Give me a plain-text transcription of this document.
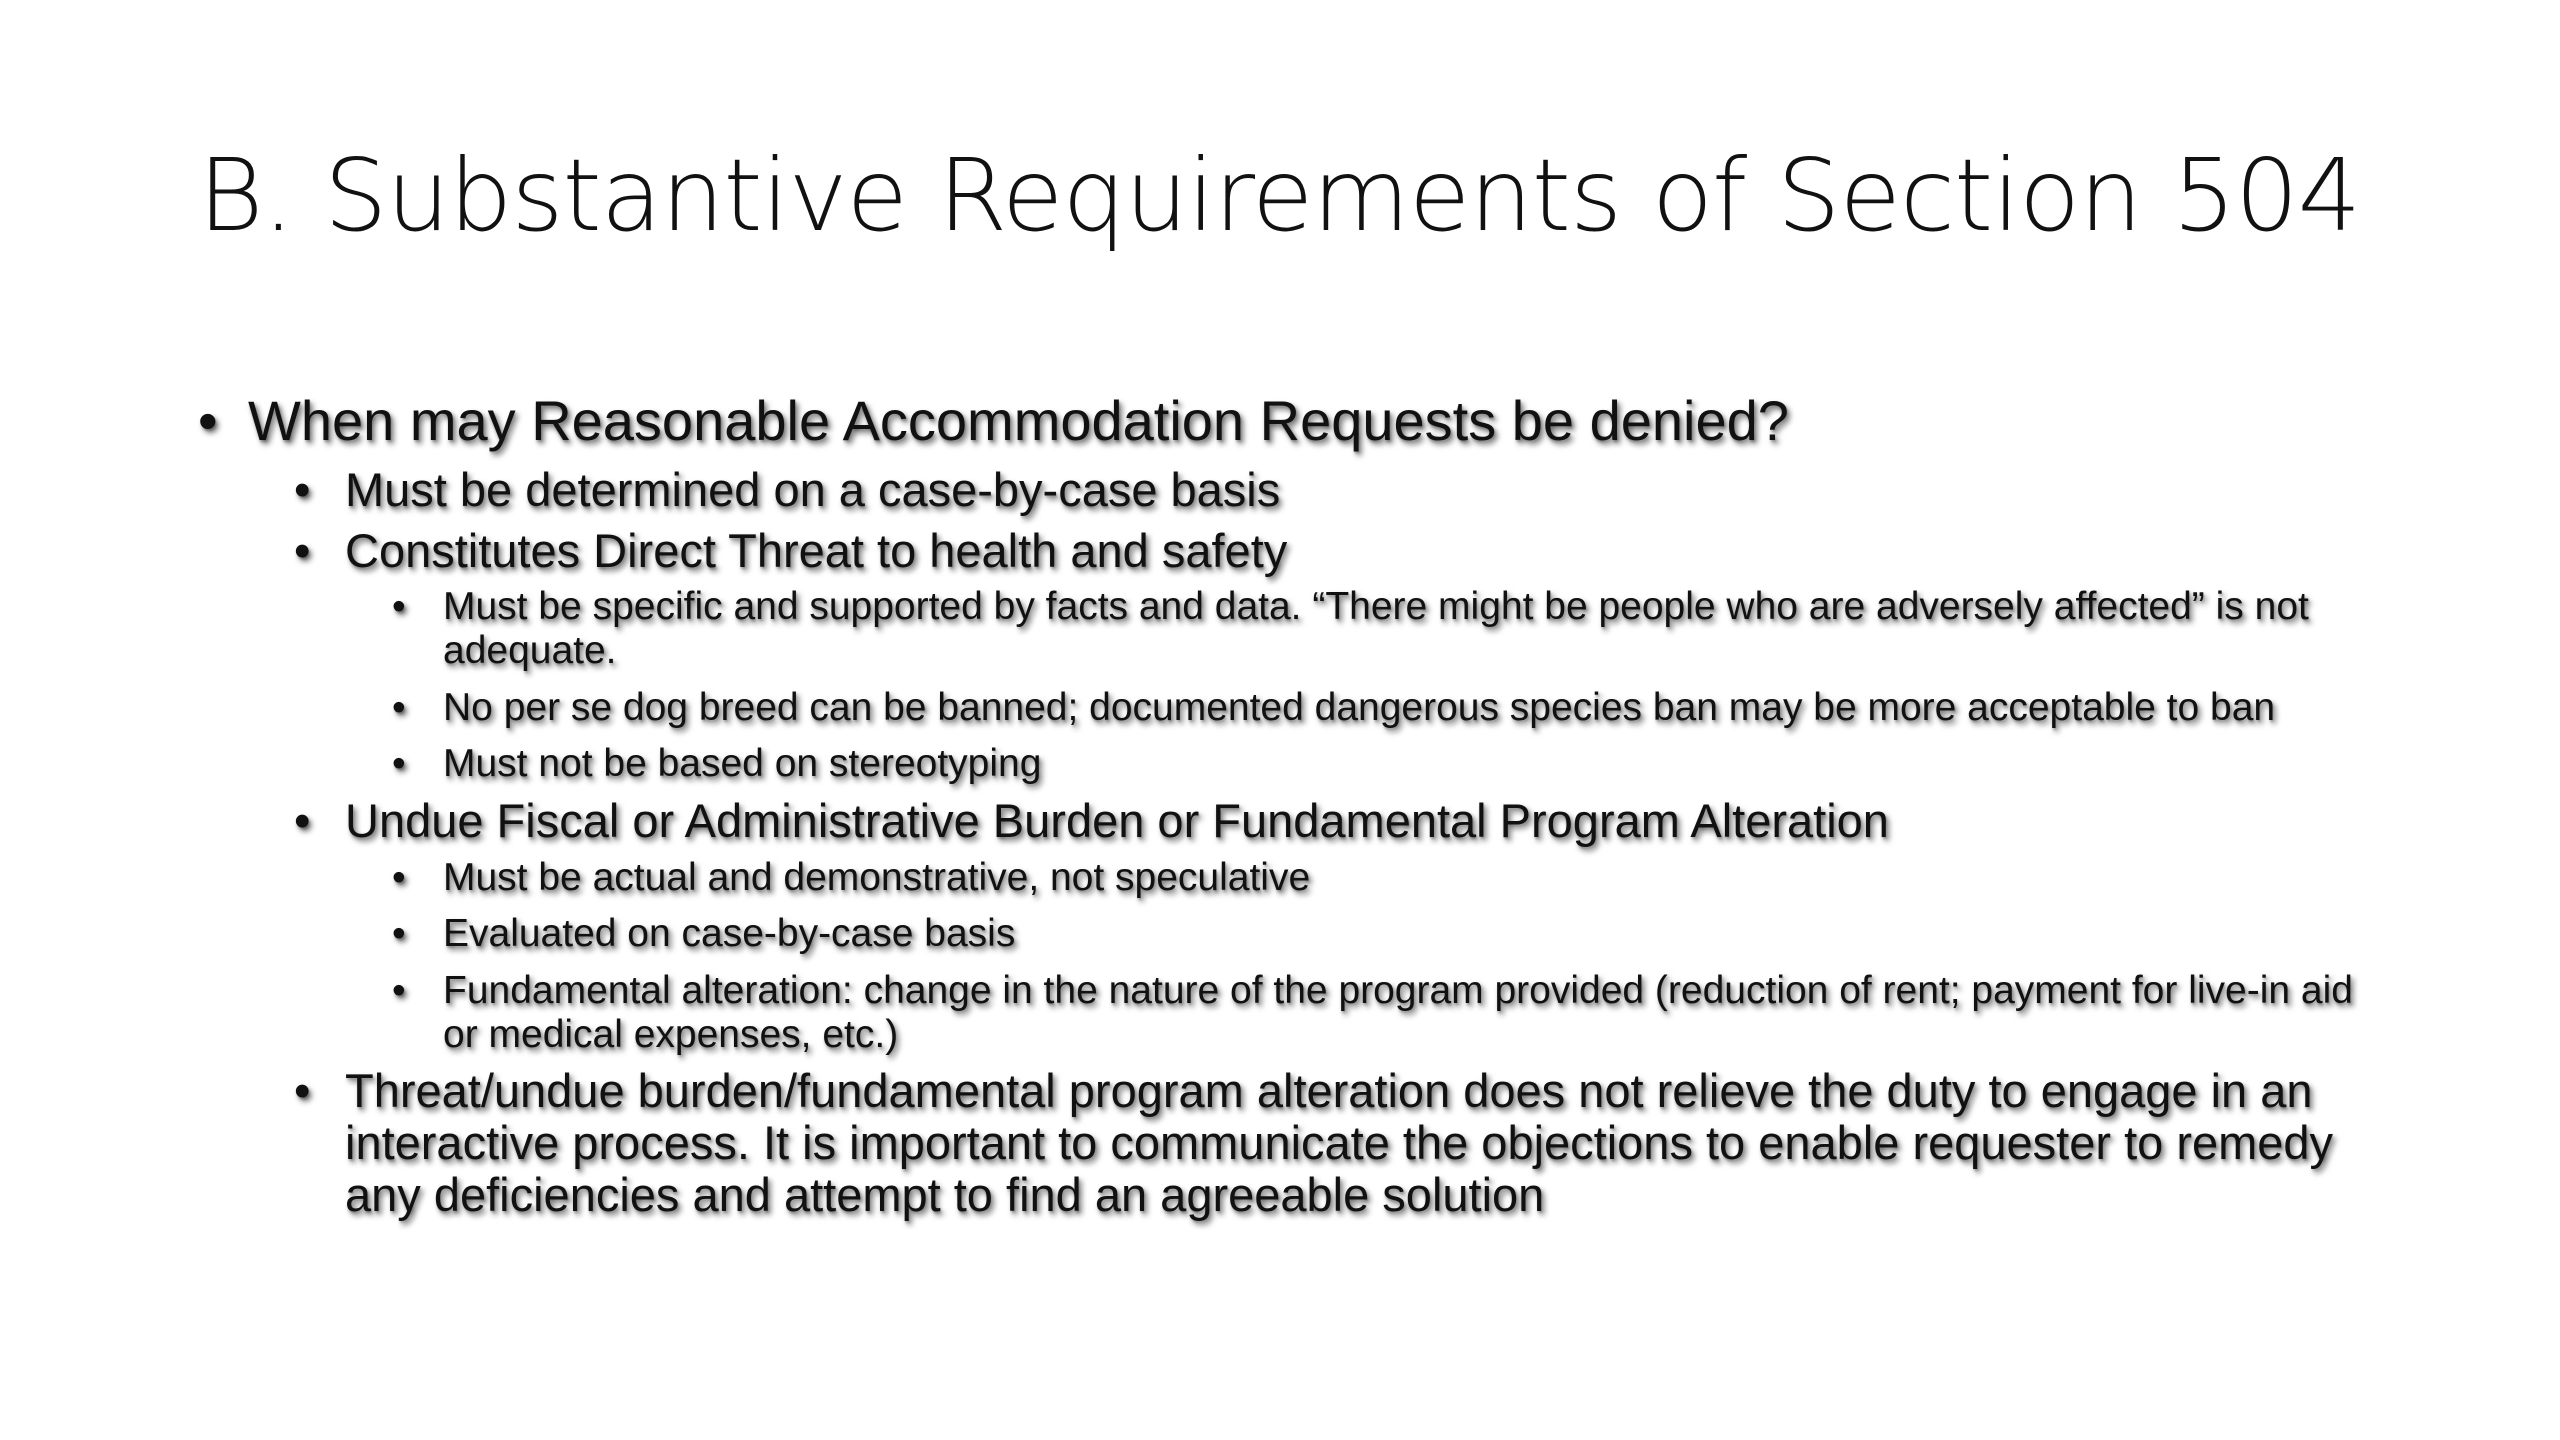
B. Substantive Requirements of Section 504
• When may Reasonable Accommodation Requests be denied?
• Must be determined on a case-by-case basis
• Constitutes Direct Threat to health and safety
• Must be specific and supported by facts and data. “There might be people who are adversely affected” is not adequate.
• No per se dog breed can be banned; documented dangerous species ban may be more acceptable to ban
• Must not be based on stereotyping
• Undue Fiscal or Administrative Burden or Fundamental Program Alteration
• Must be actual and demonstrative, not speculative
• Evaluated on case-by-case basis
• Fundamental alteration: change in the nature of the program provided (reduction of rent; payment for live-in aid or medical expenses, etc.)
• Threat/undue burden/fundamental program alteration does not relieve the duty to engage in an interactive process. It is important to communicate the objections to enable requester to remedy any deficiencies and attempt to find an agreeable solution
